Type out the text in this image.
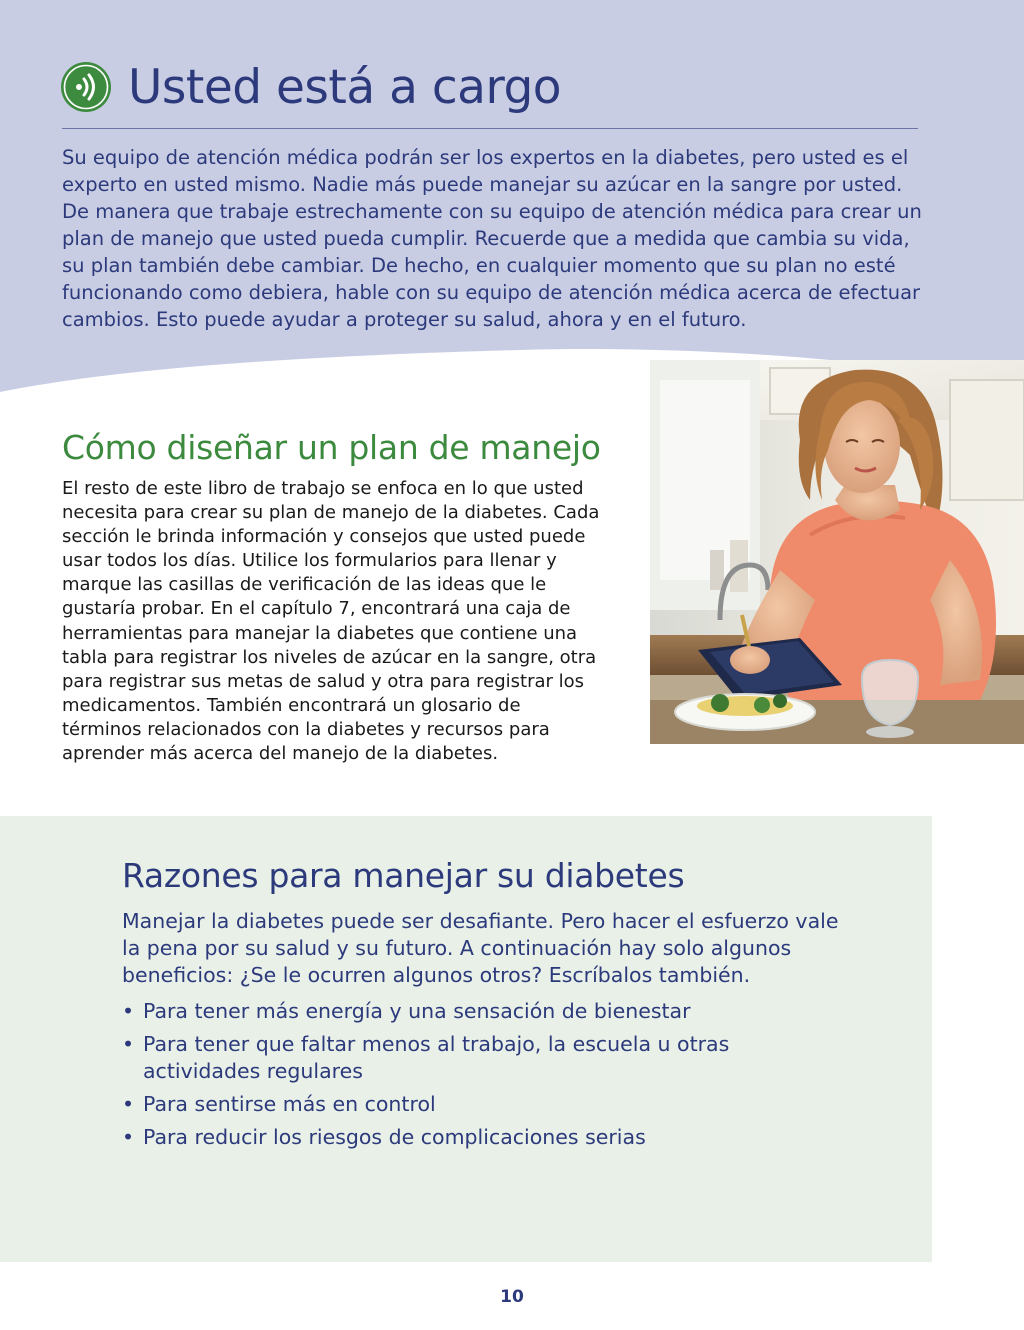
Usted está a cargo

Su equipo de atención médica podrán ser los expertos en la diabetes, pero usted es el experto en usted mismo. Nadie más puede manejar su azúcar en la sangre por usted. De manera que trabaje estrechamente con su equipo de atención médica para crear un plan de manejo que usted pueda cumplir. Recuerde que a medida que cambia su vida, su plan también debe cambiar. De hecho, en cualquier momento que su plan no esté funcionando como debiera, hable con su equipo de atención médica acerca de efectuar cambios. Esto puede ayudar a proteger su salud, ahora y en el futuro.

Cómo diseñar un plan de manejo

El resto de este libro de trabajo se enfoca en lo que usted necesita para crear su plan de manejo de la diabetes. Cada sección le brinda información y consejos que usted puede usar todos los días. Utilice los formularios para llenar y marque las casillas de verificación de las ideas que le gustaría probar. En el capítulo 7, encontrará una caja de herramientas para manejar la diabetes que contiene una tabla para registrar los niveles de azúcar en la sangre, otra para registrar sus metas de salud y otra para registrar los medicamentos. También encontrará un glosario de términos relacionados con la diabetes y recursos para aprender más acerca del manejo de la diabetes.

Razones para manejar su diabetes

Manejar la diabetes puede ser desafiante. Pero hacer el esfuerzo vale la pena por su salud y su futuro. A continuación hay solo algunos beneficios: ¿Se le ocurren algunos otros? Escríbalos también.

• Para tener más energía y una sensación de bienestar
• Para tener que faltar menos al trabajo, la escuela u otras actividades regulares
• Para sentirse más en control
• Para reducir los riesgos de complicaciones serias
10
